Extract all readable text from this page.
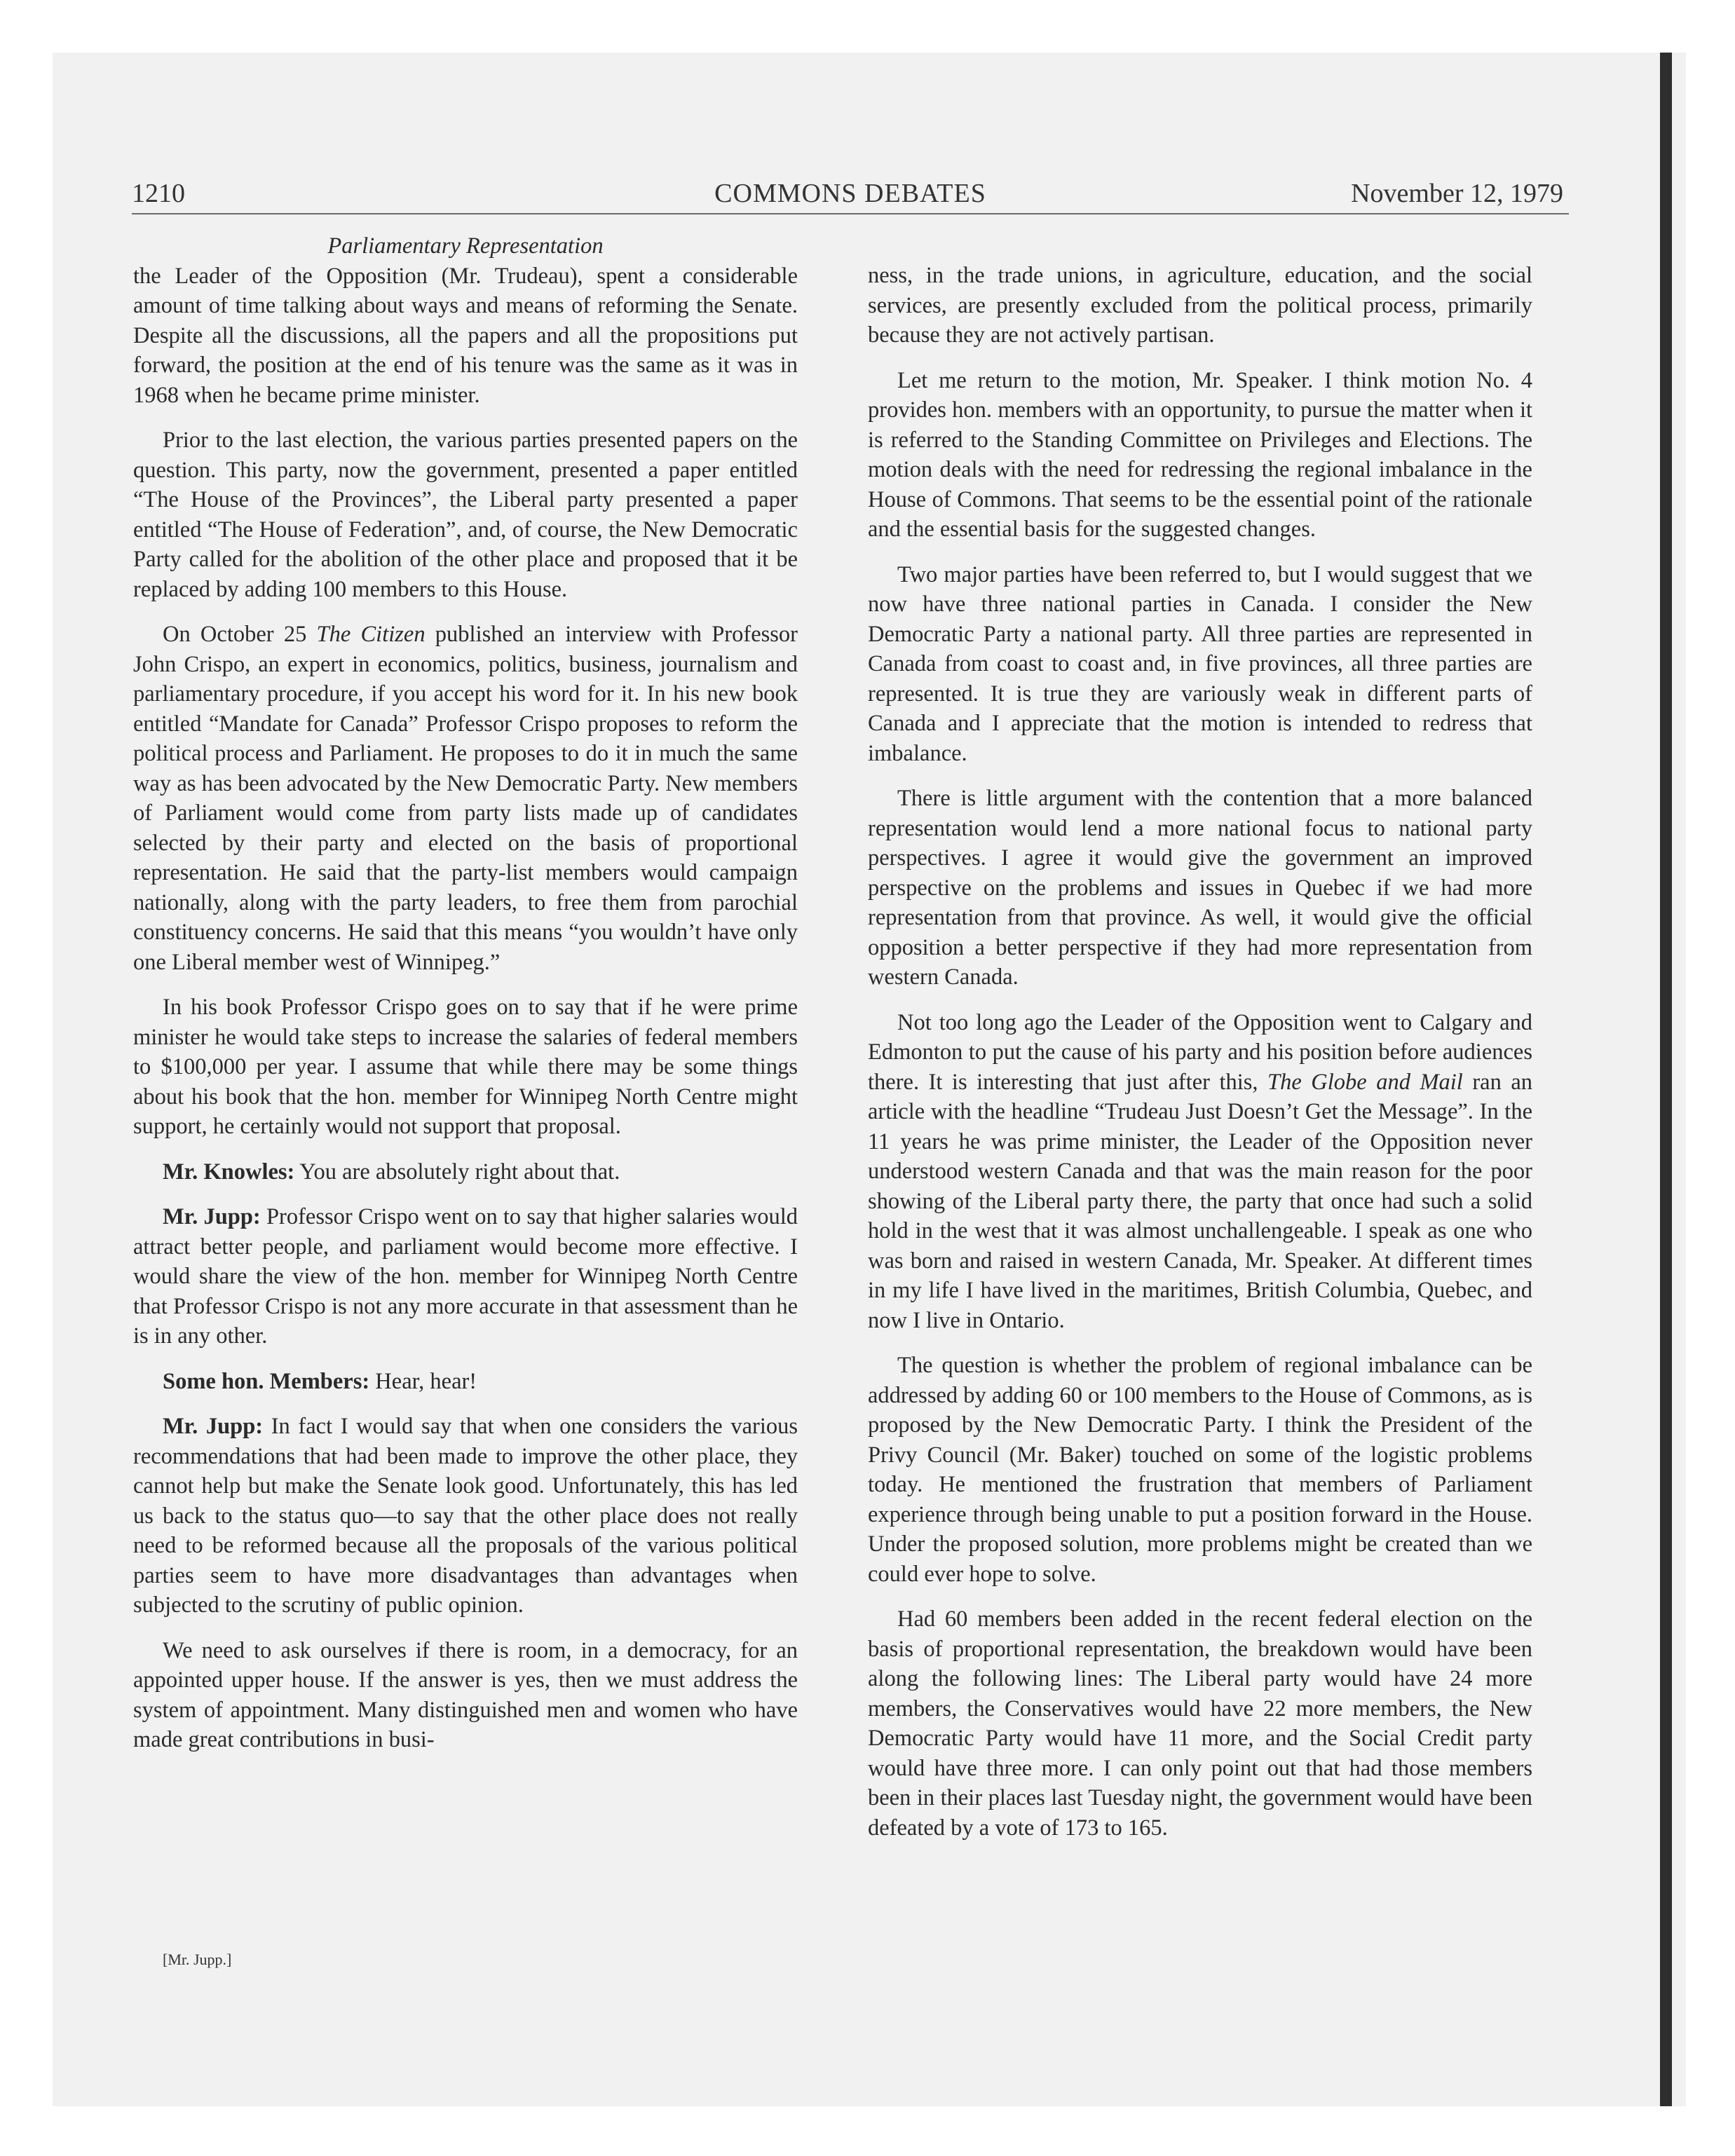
1210	COMMONS DEBATES	November 12, 1979
Parliamentary Representation

the Leader of the Opposition (Mr. Trudeau), spent a considerable amount of time talking about ways and means of reforming the Senate. Despite all the discussions, all the papers and all the propositions put forward, the position at the end of his tenure was the same as it was in 1968 when he became prime minister.

Prior to the last election, the various parties presented papers on the question. This party, now the government, presented a paper entitled “The House of the Provinces”, the Liberal party presented a paper entitled “The House of Federation”, and, of course, the New Democratic Party called for the abolition of the other place and proposed that it be replaced by adding 100 members to this House.

On October 25 The Citizen published an interview with Professor John Crispo, an expert in economics, politics, business, journalism and parliamentary procedure, if you accept his word for it. In his new book entitled “Mandate for Canada” Professor Crispo proposes to reform the political process and Parliament. He proposes to do it in much the same way as has been advocated by the New Democratic Party. New members of Parliament would come from party lists made up of candidates selected by their party and elected on the basis of proportional representation. He said that the party-list members would campaign nationally, along with the party leaders, to free them from parochial constituency concerns. He said that this means “you wouldn’t have only one Liberal member west of Winnipeg.”

In his book Professor Crispo goes on to say that if he were prime minister he would take steps to increase the salaries of federal members to $100,000 per year. I assume that while there may be some things about his book that the hon. member for Winnipeg North Centre might support, he certainly would not support that proposal.

Mr. Knowles: You are absolutely right about that.

Mr. Jupp: Professor Crispo went on to say that higher salaries would attract better people, and parliament would become more effective. I would share the view of the hon. member for Winnipeg North Centre that Professor Crispo is not any more accurate in that assessment than he is in any other.

Some hon. Members: Hear, hear!

Mr. Jupp: In fact I would say that when one considers the various recommendations that had been made to improve the other place, they cannot help but make the Senate look good. Unfortunately, this has led us back to the status quo—to say that the other place does not really need to be reformed because all the proposals of the various political parties seem to have more disadvantages than advantages when subjected to the scrutiny of public opinion.

We need to ask ourselves if there is room, in a democracy, for an appointed upper house. If the answer is yes, then we must address the system of appointment. Many distinguished men and women who have made great contributions in busi-

ness, in the trade unions, in agriculture, education, and the social services, are presently excluded from the political process, primarily because they are not actively partisan.

Let me return to the motion, Mr. Speaker. I think motion No. 4 provides hon. members with an opportunity, to pursue the matter when it is referred to the Standing Committee on Privileges and Elections. The motion deals with the need for redressing the regional imbalance in the House of Commons. That seems to be the essential point of the rationale and the essential basis for the suggested changes.

Two major parties have been referred to, but I would suggest that we now have three national parties in Canada. I consider the New Democratic Party a national party. All three parties are represented in Canada from coast to coast and, in five provinces, all three parties are represented. It is true they are variously weak in different parts of Canada and I appreciate that the motion is intended to redress that imbalance.

There is little argument with the contention that a more balanced representation would lend a more national focus to national party perspectives. I agree it would give the government an improved perspective on the problems and issues in Quebec if we had more representation from that province. As well, it would give the official opposition a better perspective if they had more representation from western Canada.

Not too long ago the Leader of the Opposition went to Calgary and Edmonton to put the cause of his party and his position before audiences there. It is interesting that just after this, The Globe and Mail ran an article with the headline “Trudeau Just Doesn’t Get the Message”. In the 11 years he was prime minister, the Leader of the Opposition never understood western Canada and that was the main reason for the poor showing of the Liberal party there, the party that once had such a solid hold in the west that it was almost unchallengeable. I speak as one who was born and raised in western Canada, Mr. Speaker. At different times in my life I have lived in the maritimes, British Columbia, Quebec, and now I live in Ontario.

The question is whether the problem of regional imbalance can be addressed by adding 60 or 100 members to the House of Commons, as is proposed by the New Democratic Party. I think the President of the Privy Council (Mr. Baker) touched on some of the logistic problems today. He mentioned the frustration that members of Parliament experience through being unable to put a position forward in the House. Under the proposed solution, more problems might be created than we could ever hope to solve.

Had 60 members been added in the recent federal election on the basis of proportional representation, the breakdown would have been along the following lines: The Liberal party would have 24 more members, the Conservatives would have 22 more members, the New Democratic Party would have 11 more, and the Social Credit party would have three more. I can only point out that had those members been in their places last Tuesday night, the government would have been defeated by a vote of 173 to 165.

[Mr. Jupp.]
